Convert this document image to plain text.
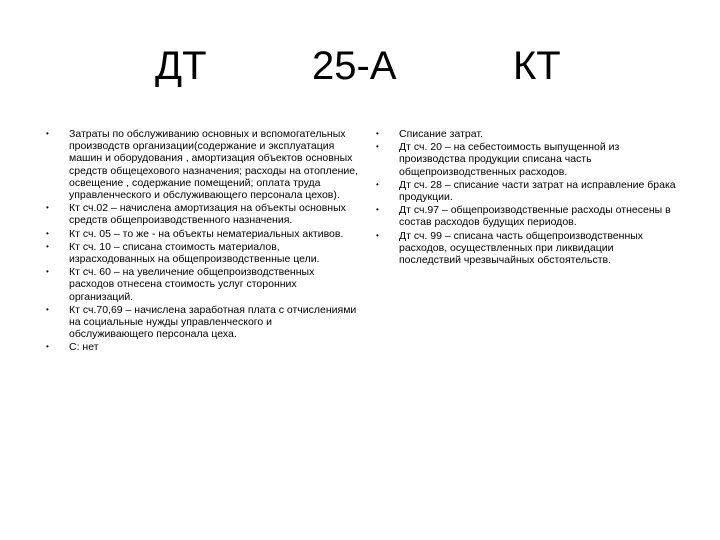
ДТ	25-А	КТ
• Затраты по обслуживанию основных и вспомогательных производств организации(содержание и эксплуатация машин и оборудования , амортизация объектов основных средств общецехового назначения; расходы на отопление, освещение , содержание помещений; оплата труда управленческого и обслуживающего персонала цехов).
• Кт сч.02 – начислена амортизация на объекты основных средств общепроизводственного назначения.
• Кт сч. 05 – то же - на объекты нематериальных активов.
• Кт сч. 10 – списана стоимость материалов, израсходованных на общепроизводственные цели.
• Кт сч. 60 – на увеличение общепроизводственных расходов отнесена стоимость услуг сторонних организаций.
• Кт сч.70,69 – начислена заработная плата с отчислениями на социальные нужды управленческого и обслуживающего персонала цеха.
• С: нет
• Списание затрат.
• Дт сч. 20 – на себестоимость выпущенной из производства продукции списана часть общепроизводственных расходов.
• Дт сч. 28 – списание части затрат на исправление брака продукции.
• Дт сч.97 – общепроизводственные расходы отнесены в состав расходов будущих периодов.
• Дт сч. 99 – списана часть общепроизводственных расходов, осуществленных при ликвидации последствий чрезвычайных обстоятельств.
